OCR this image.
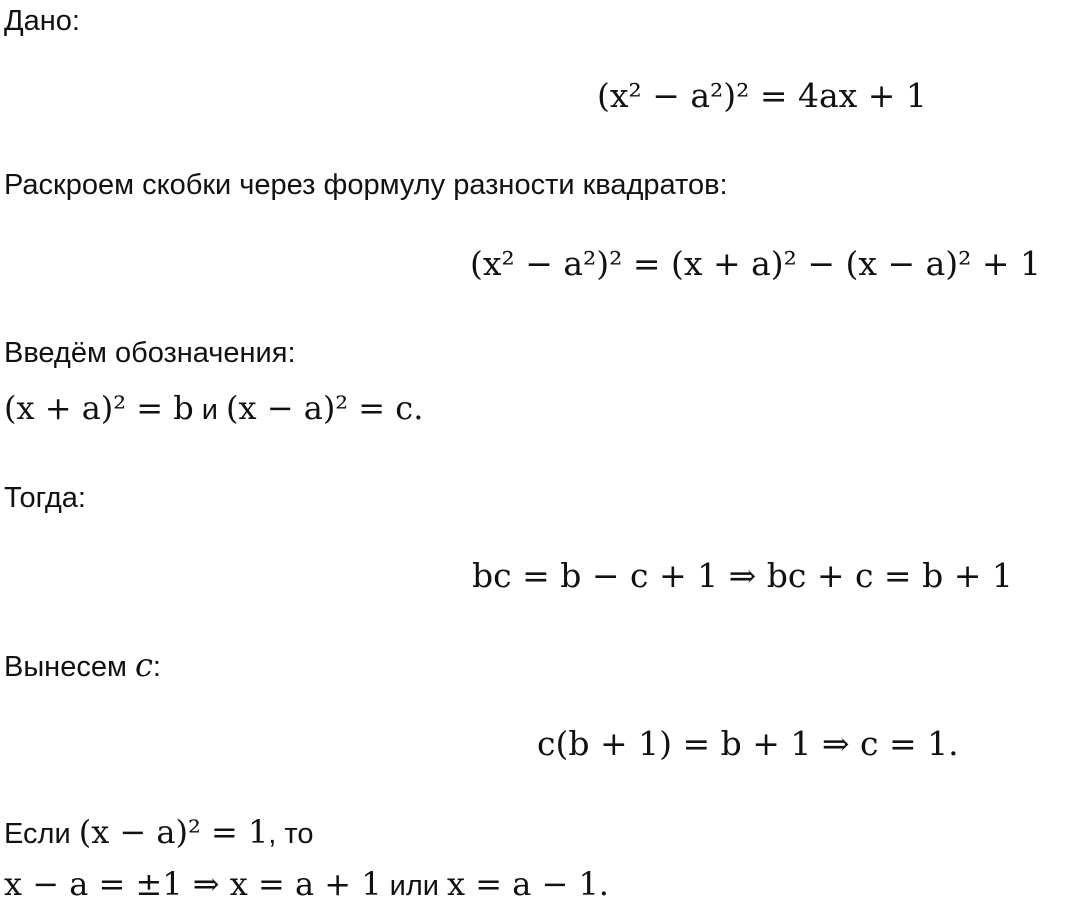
Дано:
(x² − a²)² = 4ax + 1
Раскроем скобки через формулу разности квадратов:
(x² − a²)² = (x + a)² − (x − a)² + 1
Введём обозначения:
(x + a)² = b и (x − a)² = c.
Тогда:
bc = b − c + 1 ⇒ bc + c = b + 1
Вынесем c:
c(b + 1) = b + 1 ⇒ c = 1.
Если (x − a)² = 1, то
x − a = ±1 ⇒ x = a + 1 или x = a − 1.
